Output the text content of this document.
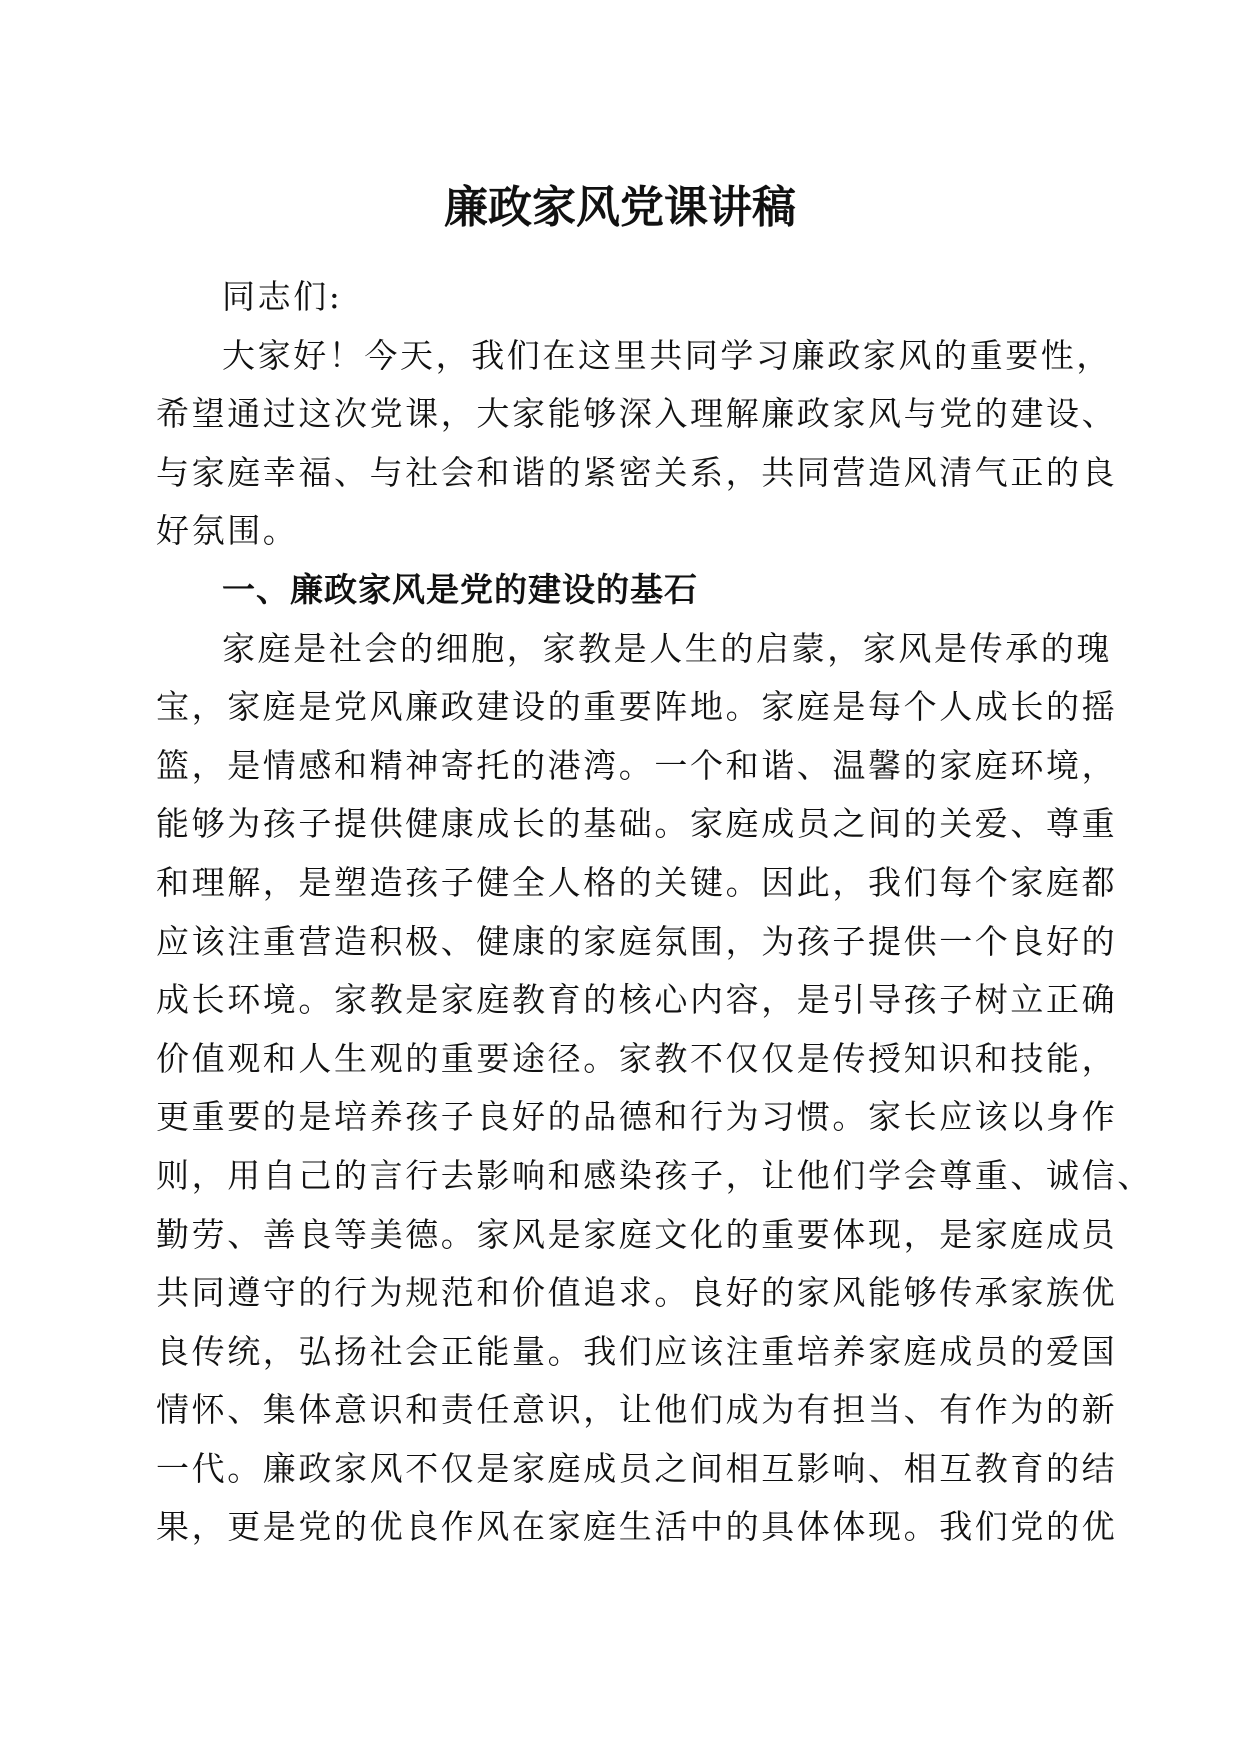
廉政家风党课讲稿
同志们:
大家好！今天，我们在这里共同学习廉政家风的重要性，
希望通过这次党课，大家能够深入理解廉政家风与党的建设、
与家庭幸福、与社会和谐的紧密关系，共同营造风清气正的良
好氛围。
一、廉政家风是党的建设的基石
家庭是社会的细胞，家教是人生的启蒙，家风是传承的瑰
宝，家庭是党风廉政建设的重要阵地。家庭是每个人成长的摇
篮，是情感和精神寄托的港湾。一个和谐、温馨的家庭环境，
能够为孩子提供健康成长的基础。家庭成员之间的关爱、尊重
和理解，是塑造孩子健全人格的关键。因此，我们每个家庭都
应该注重营造积极、健康的家庭氛围，为孩子提供一个良好的
成长环境。家教是家庭教育的核心内容，是引导孩子树立正确
价值观和人生观的重要途径。家教不仅仅是传授知识和技能，
更重要的是培养孩子良好的品德和行为习惯。家长应该以身作
则，用自己的言行去影响和感染孩子，让他们学会尊重、诚信、
勤劳、善良等美德。家风是家庭文化的重要体现，是家庭成员
共同遵守的行为规范和价值追求。良好的家风能够传承家族优
良传统，弘扬社会正能量。我们应该注重培养家庭成员的爱国
情怀、集体意识和责任意识，让他们成为有担当、有作为的新
一代。廉政家风不仅是家庭成员之间相互影响、相互教育的结
果，更是党的优良作风在家庭生活中的具体体现。我们党的优
